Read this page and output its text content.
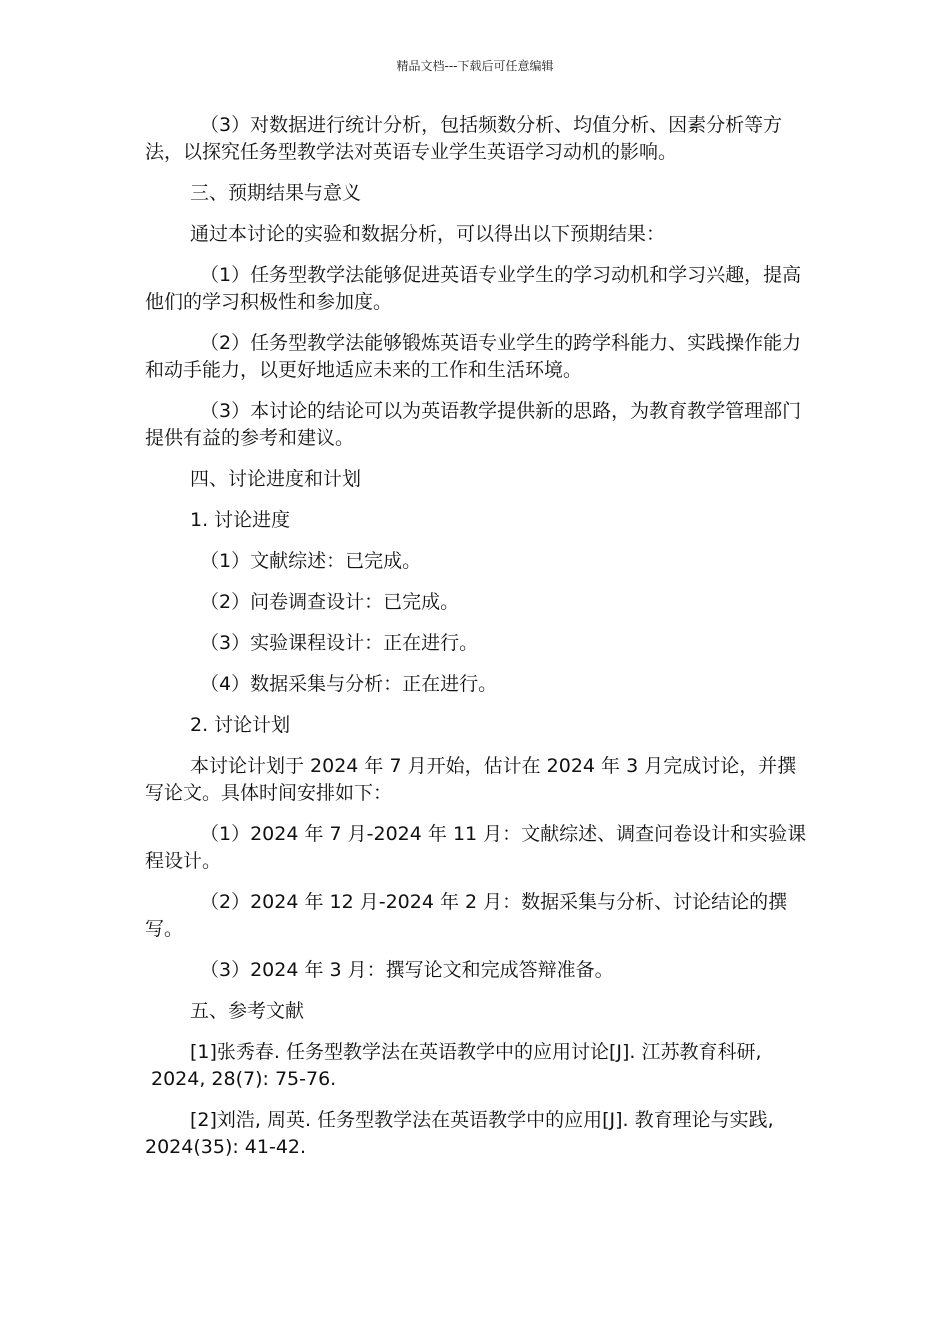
精品文档---下载后可任意编辑

（3）对数据进行统计分析，包括频数分析、均值分析、因素分析等方法，以探究任务型教学法对英语专业学生英语学习动机的影响。

三、预期结果与意义

通过本讨论的实验和数据分析，可以得出以下预期结果：

（1）任务型教学法能够促进英语专业学生的学习动机和学习兴趣，提高他们的学习积极性和参加度。

（2）任务型教学法能够锻炼英语专业学生的跨学科能力、实践操作能力和动手能力，以更好地适应未来的工作和生活环境。

（3）本讨论的结论可以为英语教学提供新的思路，为教育教学管理部门提供有益的参考和建议。

四、讨论进度和计划

1. 讨论进度

（1）文献综述：已完成。

（2）问卷调查设计：已完成。

（3）实验课程设计：正在进行。

（4）数据采集与分析：正在进行。

2. 讨论计划

本讨论计划于 2024 年 7 月开始，估计在 2024 年 3 月完成讨论，并撰写论文。具体时间安排如下：

（1）2024 年 7 月-2024 年 11 月：文献综述、调查问卷设计和实验课程设计。

（2）2024 年 12 月-2024 年 2 月：数据采集与分析、讨论结论的撰写。

（3）2024 年 3 月：撰写论文和完成答辩准备。

五、参考文献

[1]张秀春. 任务型教学法在英语教学中的应用讨论[J]. 江苏教育科研,
2024, 28(7): 75-76.

[2]刘浩, 周英. 任务型教学法在英语教学中的应用[J]. 教育理论与实践, 2024(35): 41-42.
